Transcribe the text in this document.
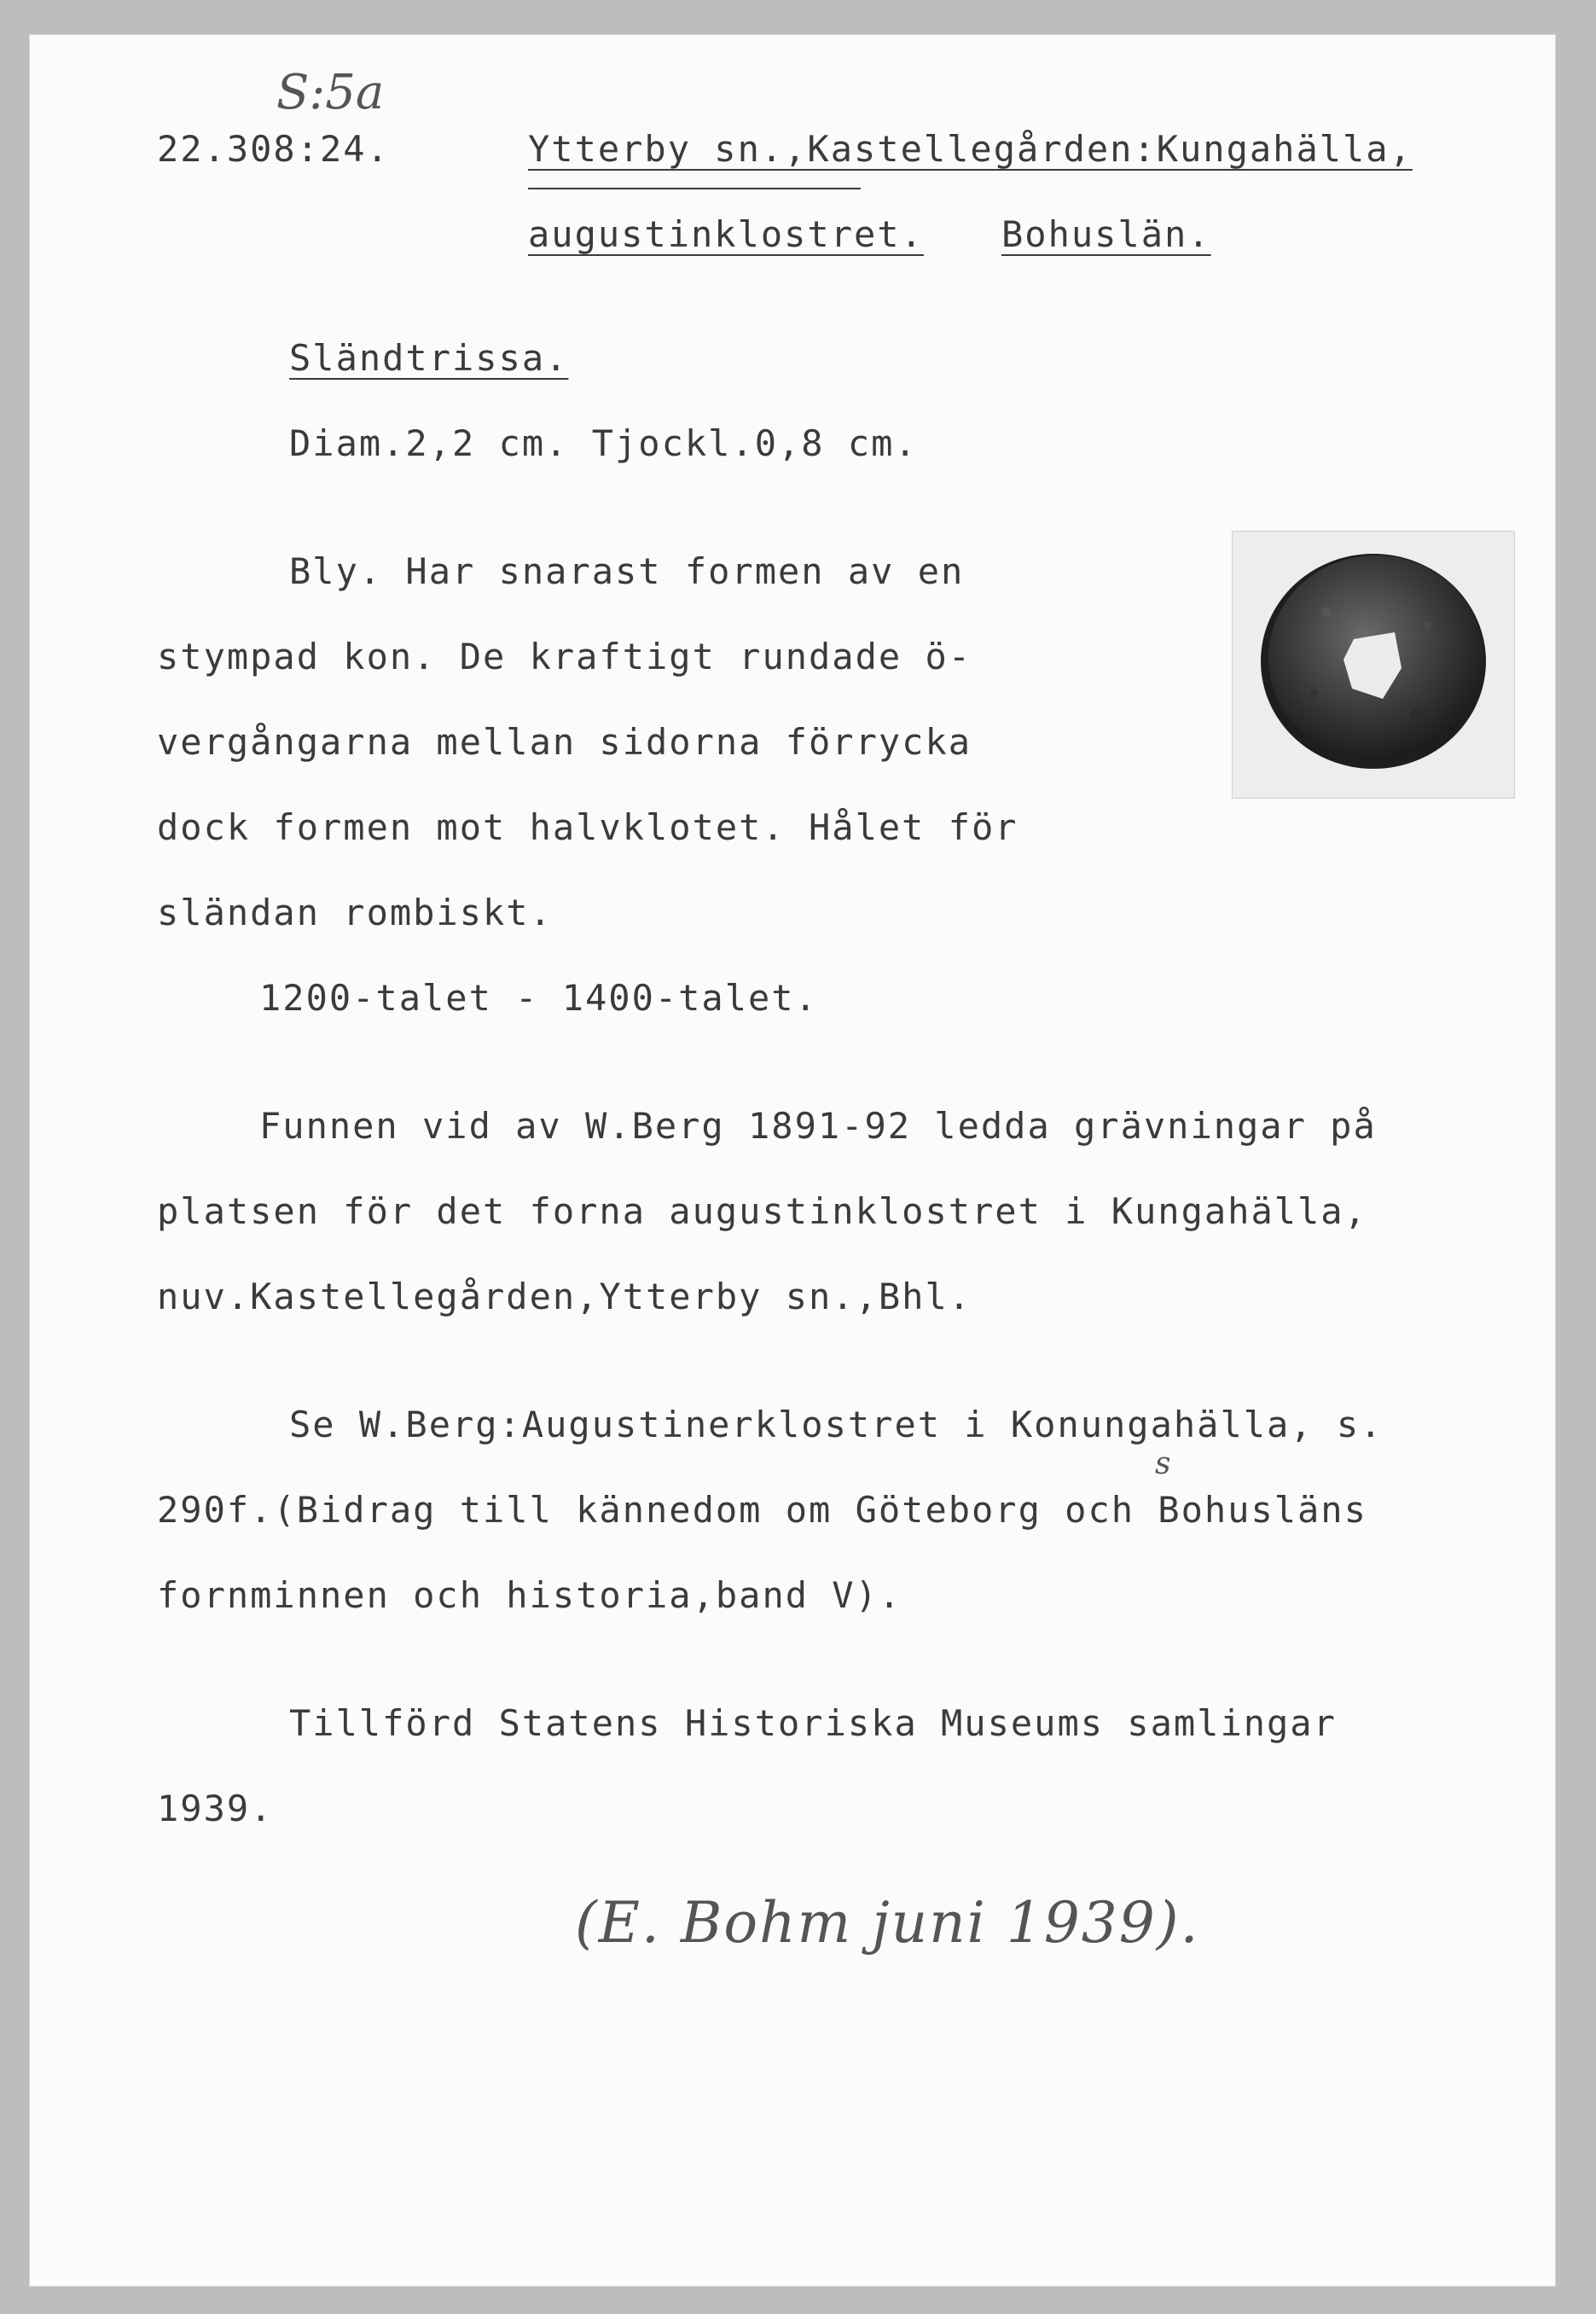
S:5a
22.308:24.	Ytterby sn.,Kastellegården:Kungahälla,
augustinklostret. Bohuslän.
Sländtrissa.
Diam.2,2 cm. Tjockl.0,8 cm.
Bly. Har snarast formen av en
stympad kon. De kraftigt rundade ö-
vergångarna mellan sidorna förrycka
dock formen mot halvklotet. Hålet för
sländan rombiskt.
1200-talet - 1400-talet.
Funnen vid av W.Berg 1891-92 ledda grävningar på
platsen för det forna augustinklostret i Kungahälla,
nuv.Kastellegården,Ytterby sn.,Bhl.
Se W.Berg:Augustinerklostret i Konungahälla, s.
290f.(Bidrag till kännedom om Göteborg och Bohusläns
s
fornminnen och historia,band V).
Tillförd Statens Historiska Museums samlingar
1939.
(E. Bohm juni 1939).
